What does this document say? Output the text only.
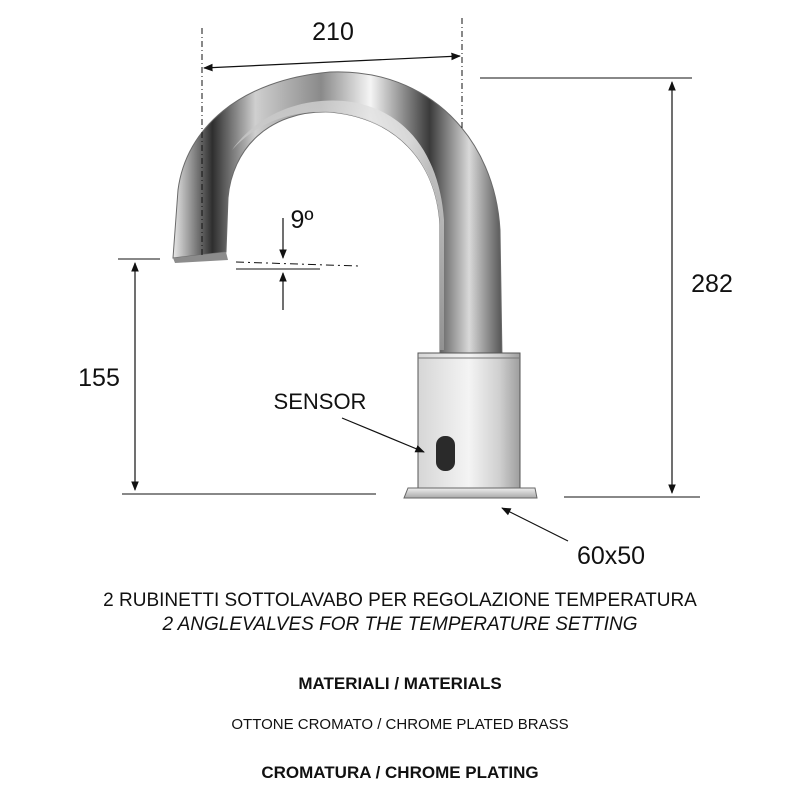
210
282
155
9º
SENSOR
60x50
2 RUBINETTI SOTTOLAVABO PER REGOLAZIONE TEMPERATURA
2 ANGLEVALVES FOR THE TEMPERATURE SETTING
MATERIALI / MATERIALS
OTTONE CROMATO / CHROME PLATED BRASS
CROMATURA / CHROME PLATING
